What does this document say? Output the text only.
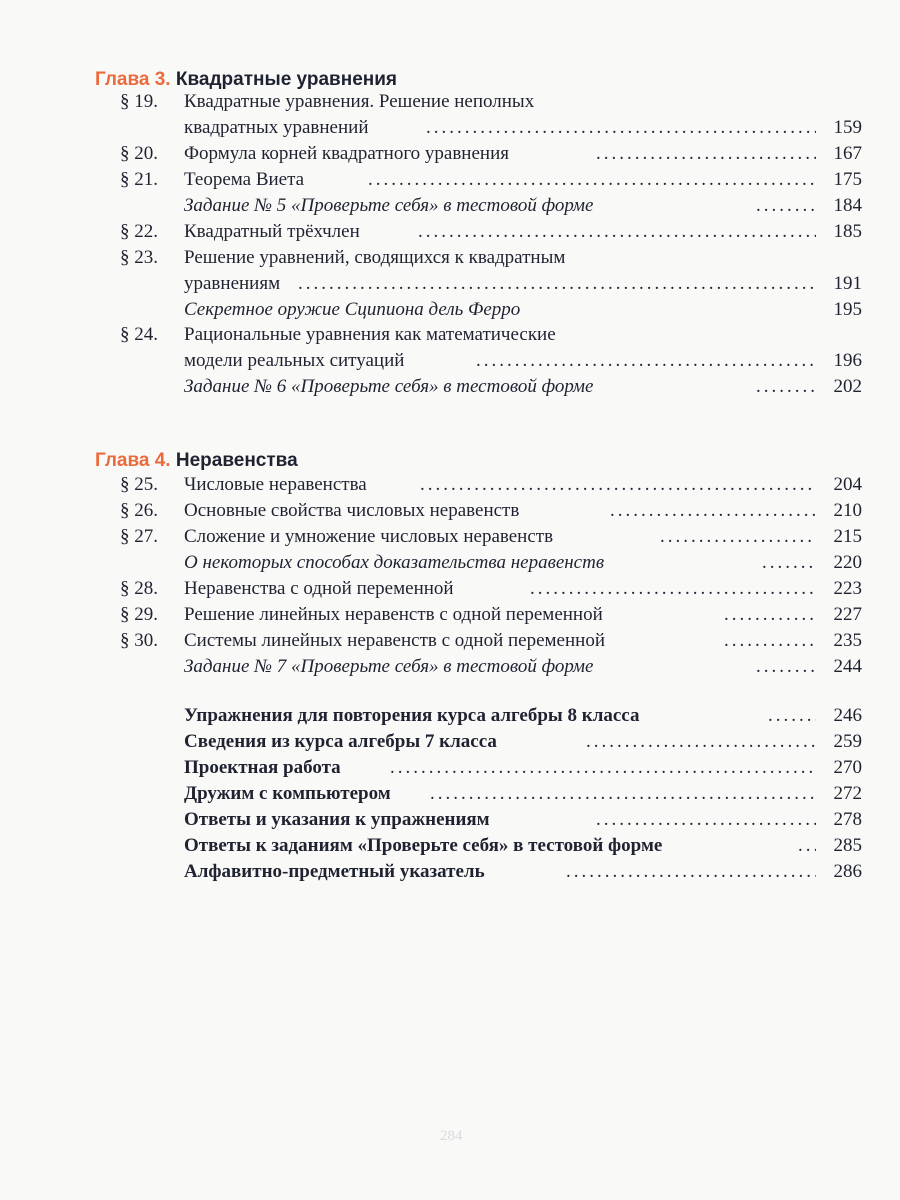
Глава 3. Квадратные уравнения
Глава 4. Неравенства
§ 19. Квадратные уравнения. Решение неполных
квадратных уравнений .....	159
§ 20. Формула корней квадратного уравнения .....	167
§ 21. Теорема Виета .....	175
Задание № 5 «Проверьте себя» в тестовой форме .....	184
§ 22. Квадратный трёхчлен .....	185
§ 23. Решение уравнений, сводящихся к квадратным
уравнениям .....	191
Секретное оружие Сципиона дель Ферро	195
§ 24. Рациональные уравнения как математические
модели реальных ситуаций .....	196
Задание № 6 «Проверьте себя» в тестовой форме .....	202
§ 25. Числовые неравенства .....	204
§ 26. Основные свойства числовых неравенств .....	210
§ 27. Сложение и умножение числовых неравенств .....	215
О некоторых способах доказательства неравенств .....	220
§ 28. Неравенства с одной переменной .....	223
§ 29. Решение линейных неравенств с одной переменной .....	227
§ 30. Системы линейных неравенств с одной переменной .....	235
Задание № 7 «Проверьте себя» в тестовой форме .....	244
Упражнения для повторения курса алгебры 8 класса .....	246
Сведения из курса алгебры 7 класса .....	259
Проектная работа .....	270
Дружим с компьютером .....	272
Ответы и указания к упражнениям .....	278
Ответы к заданиям «Проверьте себя» в тестовой форме .....	285
Алфавитно-предметный указатель .....	286
284
